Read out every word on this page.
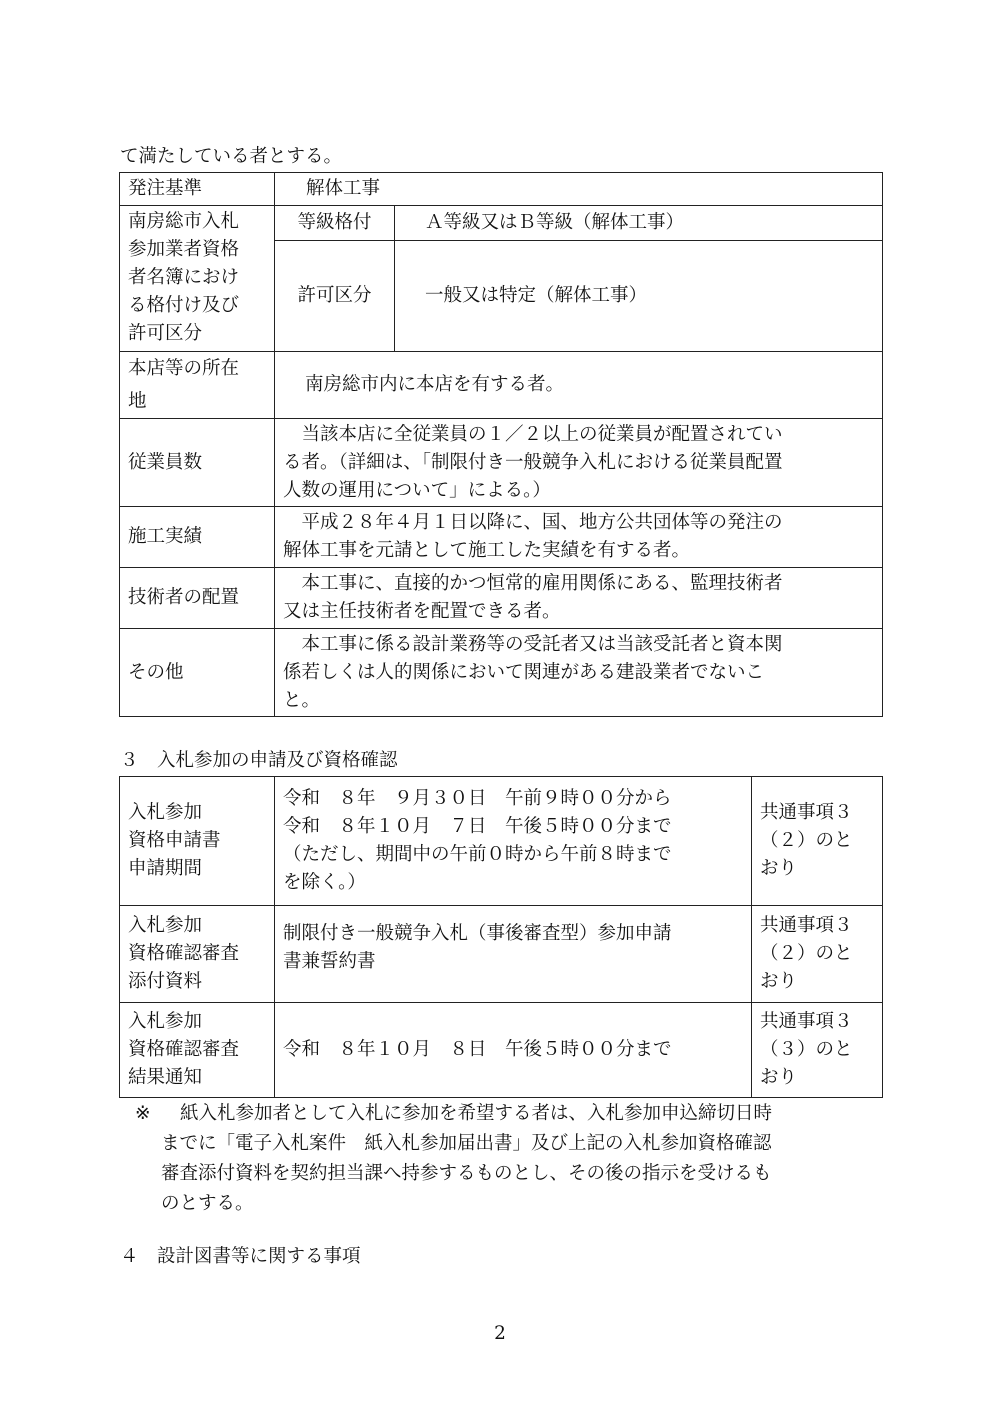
て満たしている者とする。
発注基準	解体工事	

南房総市入札
参加業者資格
者名簿におけ
る格付け及び
許可区分	等級格付	Ａ等級又はＢ等級（解体工事）
	許可区分	一般又は特定（解体工事）

本店等の所在
地	南房総市内に本店を有する者。	
従業員数	当該本店に全従業員の１／２以上の従業員が配置されてい
る者。（詳細は、「制限付き一般競争入札における従業員配置
人数の運用について」による。）	

施工実績	平成２８年４月１日以降に、国、地方公共団体等の発注の
解体工事を元請として施工した実績を有する者。	

技術者の配置	本工事に、直接的かつ恒常的雇用関係にある、監理技術者
又は主任技術者を配置できる者。	

その他	本工事に係る設計業務等の受託者又は当該受託者と資本関
係若しくは人的関係において関連がある建設業者でないこ
と。	
３　入札参加の申請及び資格確認
入札参加
資格申請書
申請期間	令和　８年　９月３０日　午前９時００分から
令和　８年１０月　７日　午後５時００分まで
（ただし、期間中の午前０時から午前８時まで
を除く。）	共通事項３
（２）のと
おり

入札参加
資格確認審査
添付資料	制限付き一般競争入札（事後審査型）参加申請
書兼誓約書	共通事項３
（２）のと
おり

入札参加
資格確認審査
結果通知	令和　８年１０月　８日　午後５時００分まで	共通事項３
（３）のと
おり
※ 紙入札参加者として入札に参加を希望する者は、入札参加申込締切日時
までに「電子入札案件　紙入札参加届出書」及び上記の入札参加資格確認
審査添付資料を契約担当課へ持参するものとし、その後の指示を受けるも
のとする。
４　設計図書等に関する事項
2
